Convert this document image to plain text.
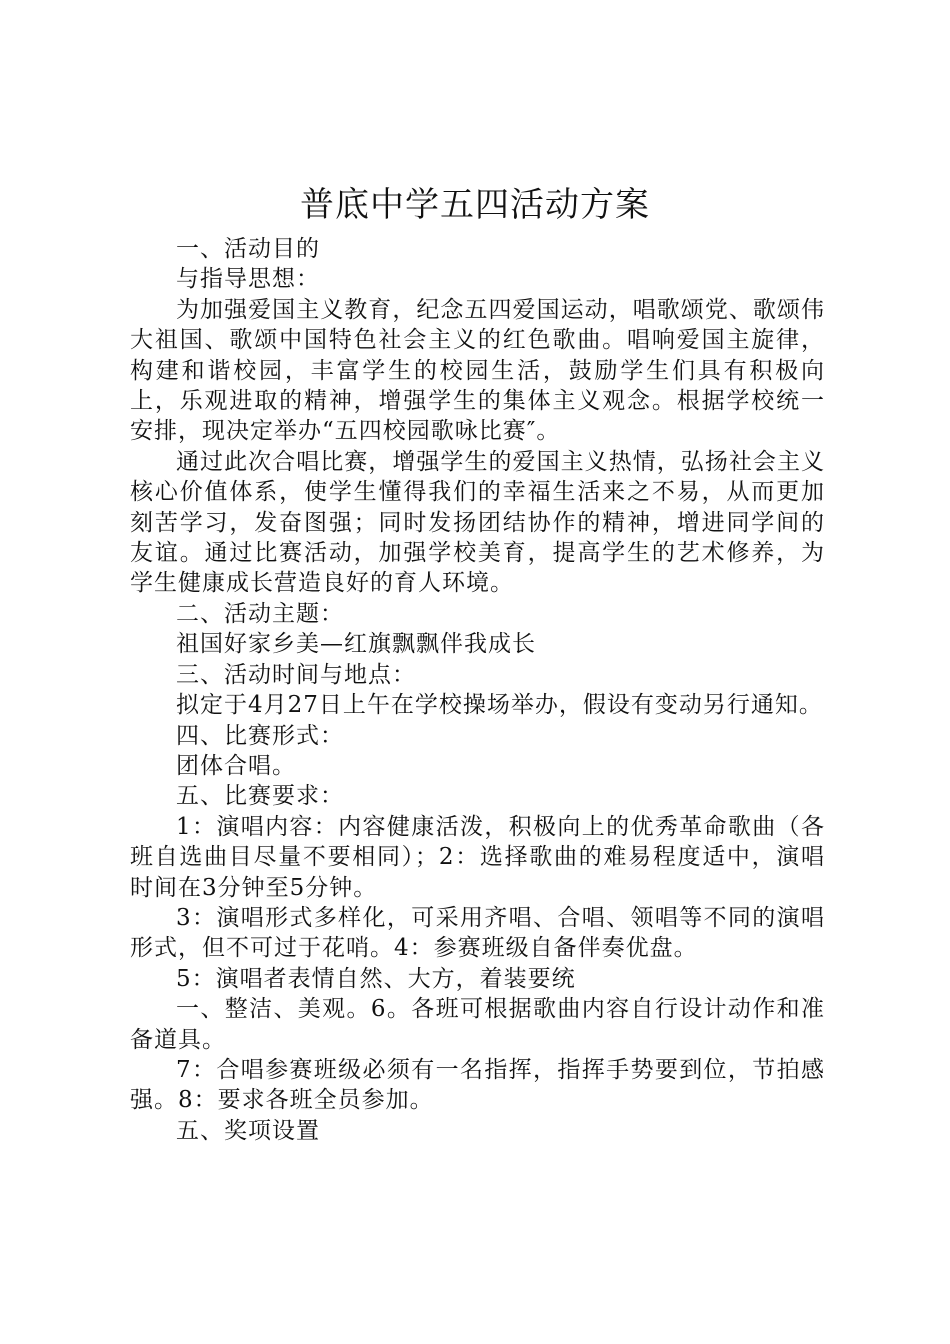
普底中学五四活动方案

一、活动目的

与指导思想：

为加强爱国主义教育，纪念五四爱国运动，唱歌颂党、歌颂伟大祖国、歌颂中国特色社会主义的红色歌曲。唱响爱国主旋律，构建和谐校园，丰富学生的校园生活，鼓励学生们具有积极向上，乐观进取的精神，增强学生的集体主义观念。根据学校统一安排，现决定举办“五四校园歌咏比赛″。

通过此次合唱比赛，增强学生的爱国主义热情，弘扬社会主义核心价值体系，使学生懂得我们的幸福生活来之不易，从而更加刻苦学习，发奋图强；同时发扬团结协作的精神，增进同学间的友谊。通过比赛活动，加强学校美育，提高学生的艺术修养，为学生健康成长营造良好的育人环境。

二、活动主题：

祖国好家乡美—红旗飘飘伴我成长

三、活动时间与地点：

拟定于4月27日上午在学校操场举办，假设有变动另行通知。

四、比赛形式：

团体合唱。

五、比赛要求：

1：演唱内容：内容健康活泼，积极向上的优秀革命歌曲（各班自选曲目尽量不要相同）；2：选择歌曲的难易程度适中，演唱时间在3分钟至5分钟。

3：演唱形式多样化，可采用齐唱、合唱、领唱等不同的演唱形式，但不可过于花哨。4：参赛班级自备伴奏优盘。

5：演唱者表情自然、大方，着装要统

一、整洁、美观。6。各班可根据歌曲内容自行设计动作和准备道具。

7：合唱参赛班级必须有一名指挥，指挥手势要到位，节拍感强。8：要求各班全员参加。

五、奖项设置
